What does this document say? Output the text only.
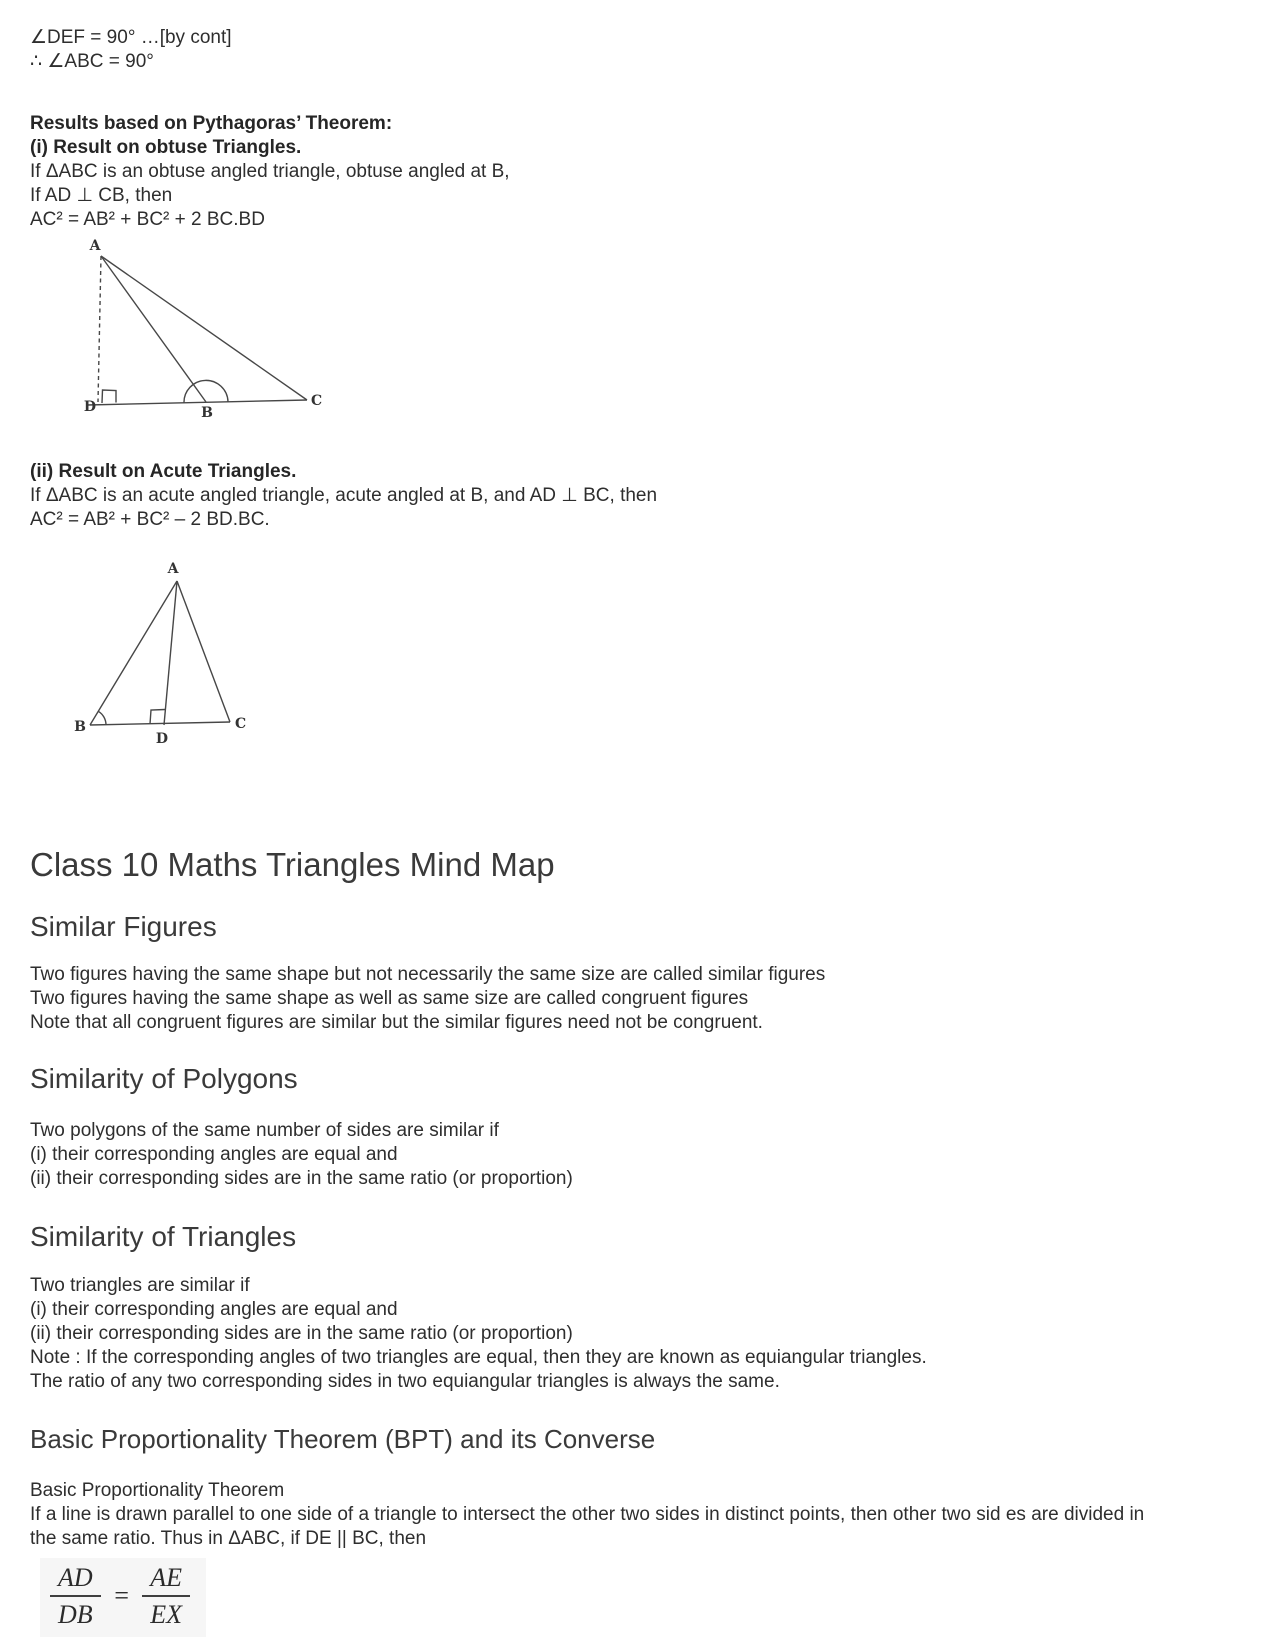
∠DEF = 90° …[by cont]
∴ ∠ABC = 90°
Results based on Pythagoras’ Theorem:
(i) Result on obtuse Triangles.
If ΔABC is an obtuse angled triangle, obtuse angled at B,
If AD ⊥ CB, then
AC² = AB² + BC² + 2 BC.BD
A
D	B
C
(ii) Result on Acute Triangles.
If ΔABC is an acute angled triangle, acute angled at B, and AD ⊥ BC, then
AC² = AB² + BC² – 2 BD.BC.
A
B	C
D
Class 10 Maths Triangles Mind Map
Similar Figures
Two figures having the same shape but not necessarily the same size are called similar figures
Two figures having the same shape as well as same size are called congruent figures
Note that all congruent figures are similar but the similar figures need not be congruent.
Similarity of Polygons
Two polygons of the same number of sides are similar if
(i) their corresponding angles are equal and
(ii) their corresponding sides are in the same ratio (or proportion)
Similarity of Triangles
Two triangles are similar if
(i) their corresponding angles are equal and
(ii) their corresponding sides are in the same ratio (or proportion)
Note : If the corresponding angles of two triangles are equal, then they are known as equiangular triangles.
The ratio of any two corresponding sides in two equiangular triangles is always the same.
Basic Proportionality Theorem (BPT) and its Converse
Basic Proportionality Theorem
If a line is drawn parallel to one side of a triangle to intersect the other two sides in distinct points, then other two sid es are divided in
the same ratio. Thus in ΔABC, if DE || BC, then
$\frac{AD}{DB} = \frac{AE}{EX}$
